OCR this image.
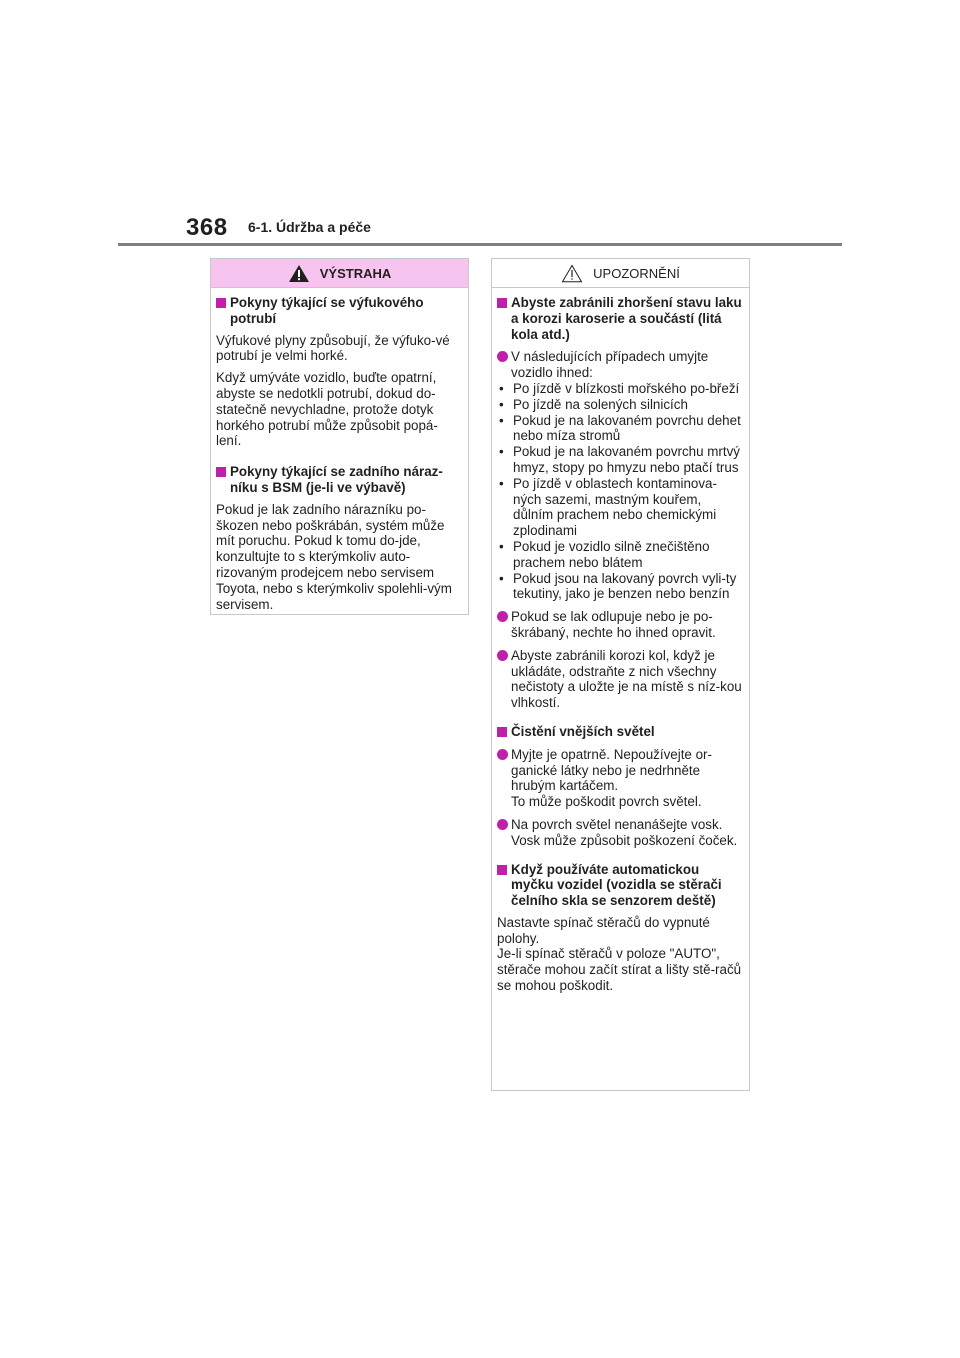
368 6-1. Údržba a péče
VÝSTRAHA
Pokyny týkající se výfukového potrubí
Výfukové plyny způsobují, že výfuko-vé potrubí je velmi horké.
Když umýváte vozidlo, buďte opatrní, abyste se nedotkli potrubí, dokud do-statečně nevychladne, protože dotyk horkého potrubí může způsobit popá-lení.
Pokyny týkající se zadního náraz-níku s BSM (je-li ve výbavě)
Pokud je lak zadního nárazníku po-škozen nebo poškrábán, systém může mít poruchu. Pokud k tomu do-jde, konzultujte to s kterýmkoliv auto-rizovaným prodejcem nebo servisem Toyota, nebo s kterýmkoliv spolehli-vým servisem.
UPOZORNĚNÍ
Abyste zabránili zhoršení stavu laku a korozi karoserie a součástí (litá kola atd.)
V následujících případech umyjte vozidlo ihned:
• Po jízdě v blízkosti mořského po-břeží
• Po jízdě na solených silnicích
• Pokud je na lakovaném povrchu dehet nebo míza stromů
• Pokud je na lakovaném povrchu mrtvý hmyz, stopy po hmyzu nebo ptačí trus
• Po jízdě v oblastech kontaminova-ných sazemi, mastným kouřem, důlním prachem nebo chemickými zplodinami
• Pokud je vozidlo silně znečištěno prachem nebo blátem
• Pokud jsou na lakovaný povrch vyli-ty tekutiny, jako je benzen nebo benzín
Pokud se lak odlupuje nebo je po-škrábaný, nechte ho ihned opravit.
Abyste zabránili korozi kol, když je ukládáte, odstraňte z nich všechny nečistoty a uložte je na místě s níz-kou vlhkostí.
Čistění vnějších světel
Myjte je opatrně. Nepoužívejte or-ganické látky nebo je nedrhněte hrubým kartáčem.
To může poškodit povrch světel.
Na povrch světel nenanášejte vosk. Vosk může způsobit poškození čoček.
Když používáte automatickou myčku vozidel (vozidla se stěrači čelního skla se senzorem deště)
Nastavte spínač stěračů do vypnuté polohy.
Je-li spínač stěračů v poloze "AUTO", stěrače mohou začít stírat a lišty stě-račů se mohou poškodit.
